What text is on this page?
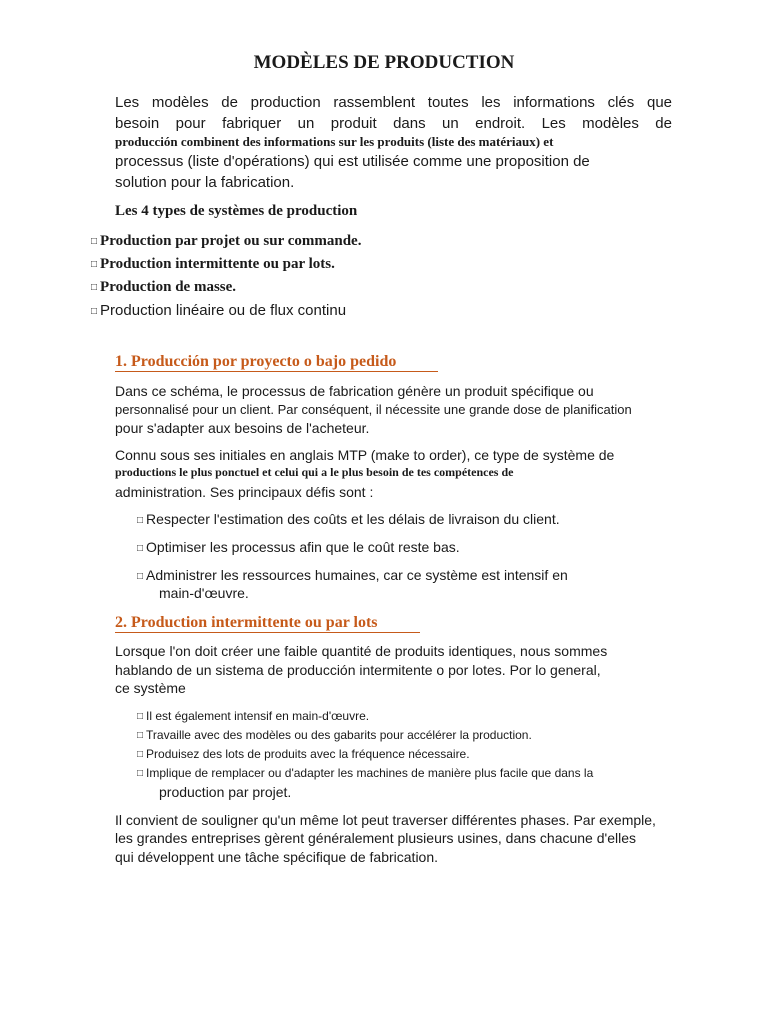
MODÈLES DE PRODUCTION
Les modèles de production rassemblent toutes les informations clés que
besoin pour fabriquer un produit dans un endroit. Les modèles de
producción combinent des informations sur les produits (liste des matériaux) et
processus (liste d'opérations) qui est utilisée comme une proposition de
solution pour la fabrication.
Les 4 types de systèmes de production
□ Production par projet ou sur commande.
□ Production intermittente ou par lots.
□ Production de masse.
□ Production linéaire ou de flux continu
1. Producción por proyecto o bajo pedido
Dans ce schéma, le processus de fabrication génère un produit spécifique ou
personnalisé pour un client. Par conséquent, il nécessite une grande dose de planification
pour s'adapter aux besoins de l'acheteur.
Connu sous ses initiales en anglais MTP (make to order), ce type de système de
productions le plus ponctuel et celui qui a le plus besoin de tes compétences de
administration. Ses principaux défis sont :
□ Respecter l'estimation des coûts et les délais de livraison du client.
□ Optimiser les processus afin que le coût reste bas.
□ Administrer les ressources humaines, car ce système est intensif en
main-d'œuvre.
2. Production intermittente ou par lots
Lorsque l'on doit créer une faible quantité de produits identiques, nous sommes
hablando de un sistema de producción intermitente o por lotes. Por lo general,
ce système
□ Il est également intensif en main-d'œuvre.
□ Travaille avec des modèles ou des gabarits pour accélérer la production.
□ Produisez des lots de produits avec la fréquence nécessaire.
□ Implique de remplacer ou d'adapter les machines de manière plus facile que dans la
production par projet.
Il convient de souligner qu'un même lot peut traverser différentes phases. Par exemple,
les grandes entreprises gèrent généralement plusieurs usines, dans chacune d'elles
qui développent une tâche spécifique de fabrication.
